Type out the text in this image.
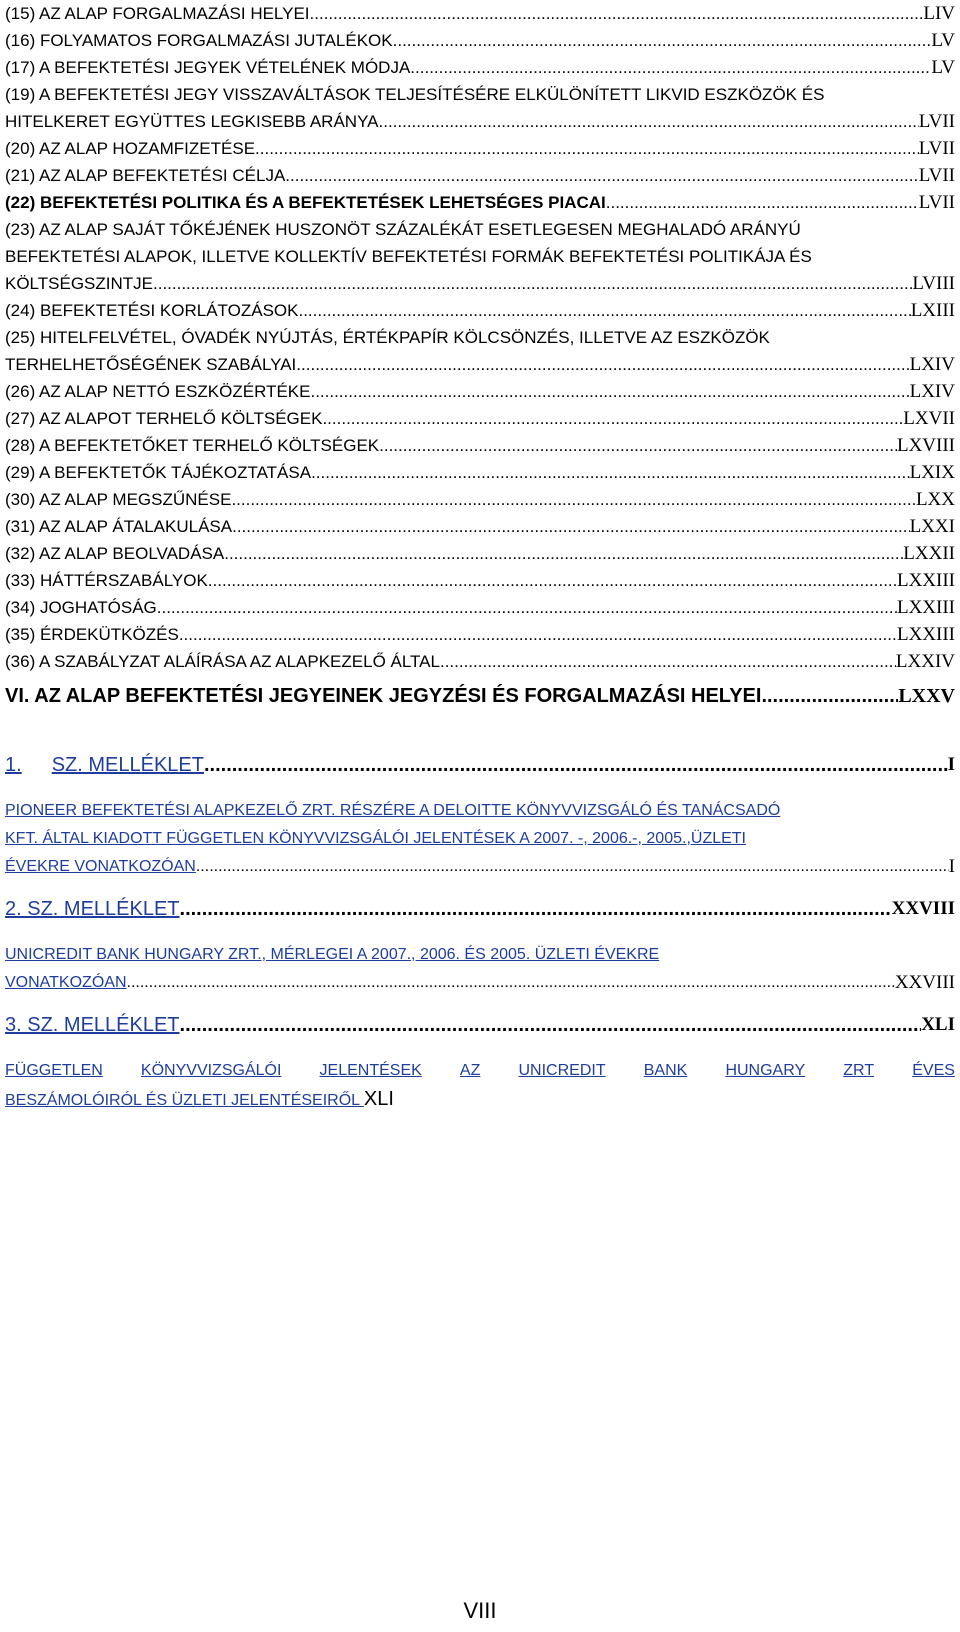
(15) AZ ALAP FORGALMAZÁSI HELYEI .....	LIV
(16) FOLYAMATOS FORGALMAZÁSI JUTALÉKOK .....	LV
(17) A BEFEKTETÉSI JEGYEK VÉTELÉNEK MÓDJA .....	LV
(19) A BEFEKTETÉSI JEGY VISSZAVÁLTÁSOK TELJESÍTÉSÉRE ELKÜLÖNÍTETT LIKVID ESZKÖZÖK ÉS
HITELKERET EGYÜTTES LEGKISEBB ARÁNYA .....	LVII
(20) AZ ALAP HOZAMFIZETÉSE .....	LVII
(21) AZ ALAP BEFEKTETÉSI CÉLJA .....	LVII
(22) BEFEKTETÉSI POLITIKA ÉS A BEFEKTETÉSEK LEHETSÉGES PIACAI .....	LVII
(23) AZ ALAP SAJÁT TŐKÉJÉNEK HUSZONÖT SZÁZALÉKÁT ESETLEGESEN MEGHALADÓ ARÁNYÚ
BEFEKTETÉSI ALAPOK, ILLETVE KOLLEKTÍV BEFEKTETÉSI FORMÁK BEFEKTETÉSI POLITIKÁJA ÉS
KÖLTSÉGSZINTJE .....	LVIII
(24) BEFEKTETÉSI KORLÁTOZÁSOK .....	LXIII
(25) HITELFELVÉTEL, ÓVADÉK NYÚJTÁS, ÉRTÉKPAPÍR KÖLCSÖNZÉS, ILLETVE AZ ESZKÖZÖK
TERHELHETŐSÉGÉNEK SZABÁLYAI .....	LXIV
(26) AZ ALAP NETTÓ ESZKÖZÉRTÉKE .....	LXIV
(27) AZ ALAPOT TERHELŐ KÖLTSÉGEK .....	LXVII
(28) A BEFEKTETŐKET TERHELŐ KÖLTSÉGEK .....	LXVIII
(29) A BEFEKTETŐK TÁJÉKOZTATÁSA .....	LXIX
(30) AZ ALAP MEGSZŰNÉSE .....	LXX
(31) AZ ALAP ÁTALAKULÁSA .....	LXXI
(32) AZ ALAP BEOLVADÁSA .....	LXXII
(33) HÁTTÉRSZABÁLYOK .....	LXXIII
(34) JOGHATÓSÁG .....	LXXIII
(35) ÉRDEKÜTKÖZÉS .....	LXXIII
(36) A SZABÁLYZAT ALÁÍRÁSA AZ ALAPKEZELŐ ÁLTAL .....	LXXIV
VI. AZ ALAP BEFEKTETÉSI JEGYEINEK JEGYZÉSI ÉS FORGALMAZÁSI HELYEI .....	LXXV
1. SZ. MELLÉKLET .....	I
PIONEER BEFEKTETÉSI ALAPKEZELŐ ZRT. RÉSZÉRE A DELOITTE KÖNYVVIZSGÁLÓ ÉS TANÁCSADÓ
KFT. ÁLTAL KIADOTT FÜGGETLEN KÖNYVVIZSGÁLÓI JELENTÉSEK A 2007. -, 2006.-, 2005.,ÜZLETI
ÉVEKRE VONATKOZÓAN .....	I
2. SZ. MELLÉKLET .....	XXVIII
UNICREDIT BANK HUNGARY ZRT., MÉRLEGEI A 2007., 2006. ÉS 2005. ÜZLETI ÉVEKRE
VONATKOZÓAN .....	XXVIII
3. SZ. MELLÉKLET .....	XLI
FÜGGETLEN KÖNYVVIZSGÁLÓI JELENTÉSEK AZ UNICREDIT BANK HUNGARY ZRT ÉVES
BESZÁMOLÓIRÓL ÉS ÜZLETI JELENTÉSEIRŐL XLI
VIII
